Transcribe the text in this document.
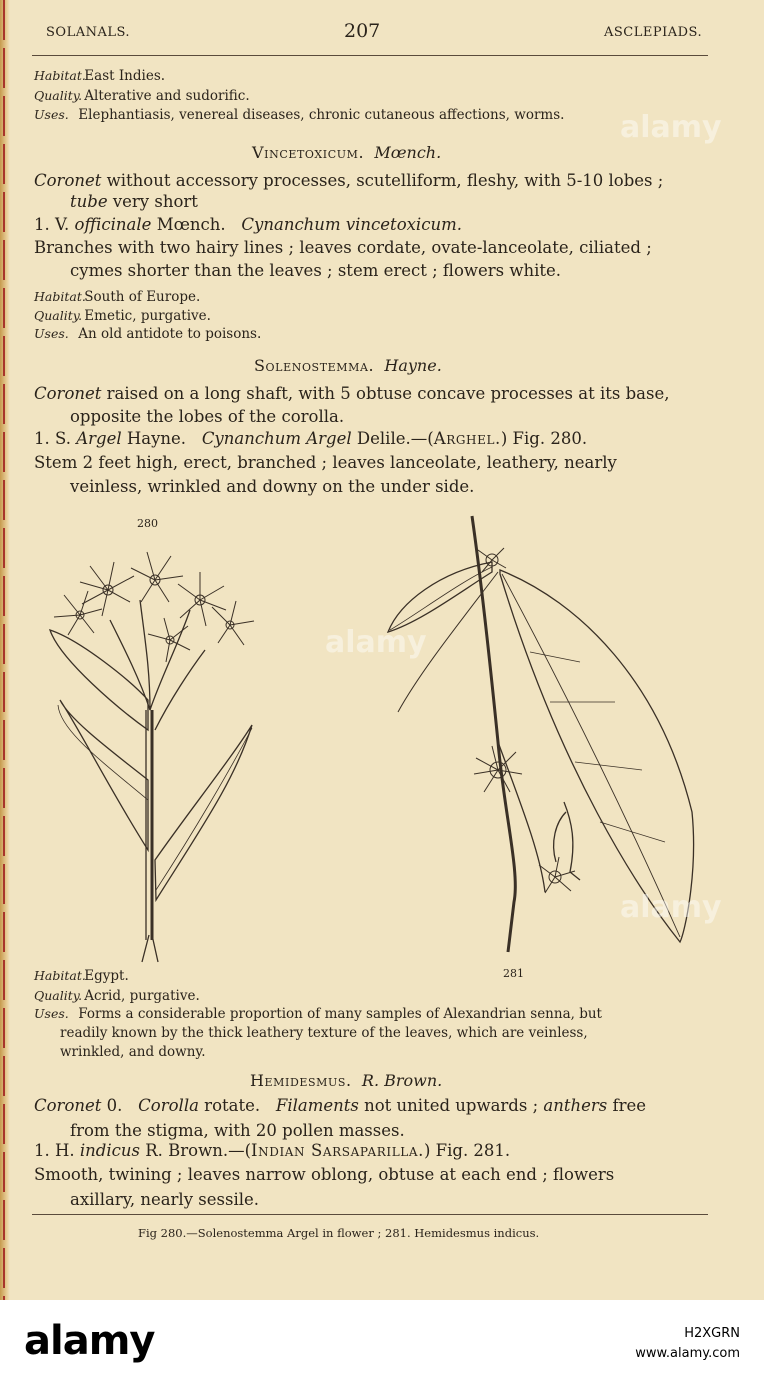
SOLANALS.	207	ASCLEPIADS.
Habitat. East Indies.
Quality. Alterative and sudorific.
Uses. Elephantiasis, venereal diseases, chronic cutaneous affections, worms.
Vincetoxicum. Mœnch.
Coronet without accessory processes, scutelliform, fleshy, with 5-10 lobes ;
tube very short
1. V. officinale Mœnch. Cynanchum vincetoxicum.
Branches with two hairy lines ; leaves cordate, ovate-lanceolate, ciliated ;
cymes shorter than the leaves ; stem erect ; flowers white.
Habitat. South of Europe.
Quality. Emetic, purgative.
Uses. An old antidote to poisons.
Solenostemma. Hayne.
Coronet raised on a long shaft, with 5 obtuse concave processes at its base,
opposite the lobes of the corolla.
1. S. Argel Hayne. Cynanchum Argel Delile.—(Arghel.) Fig. 280.
Stem 2 feet high, erect, branched ; leaves lanceolate, leathery, nearly
veinless, wrinkled and downy on the under side.
280
281
Habitat. Egypt.
Quality. Acrid, purgative.
Uses. Forms a considerable proportion of many samples of Alexandrian senna, but
readily known by the thick leathery texture of the leaves, which are veinless,
wrinkled, and downy.
Hemidesmus. R. Brown.
Coronet 0. Corolla rotate. Filaments not united upwards ; anthers free
from the stigma, with 20 pollen masses.
1. H. indicus R. Brown.—(Indian Sarsaparilla.) Fig. 281.
Smooth, twining ; leaves narrow oblong, obtuse at each end ; flowers
axillary, nearly sessile.
Fig 280.—Solenostemma Argel in flower ; 281. Hemidesmus indicus.
alamy
alamy
alamy
alamy	H2XGRN
www.alamy.com
